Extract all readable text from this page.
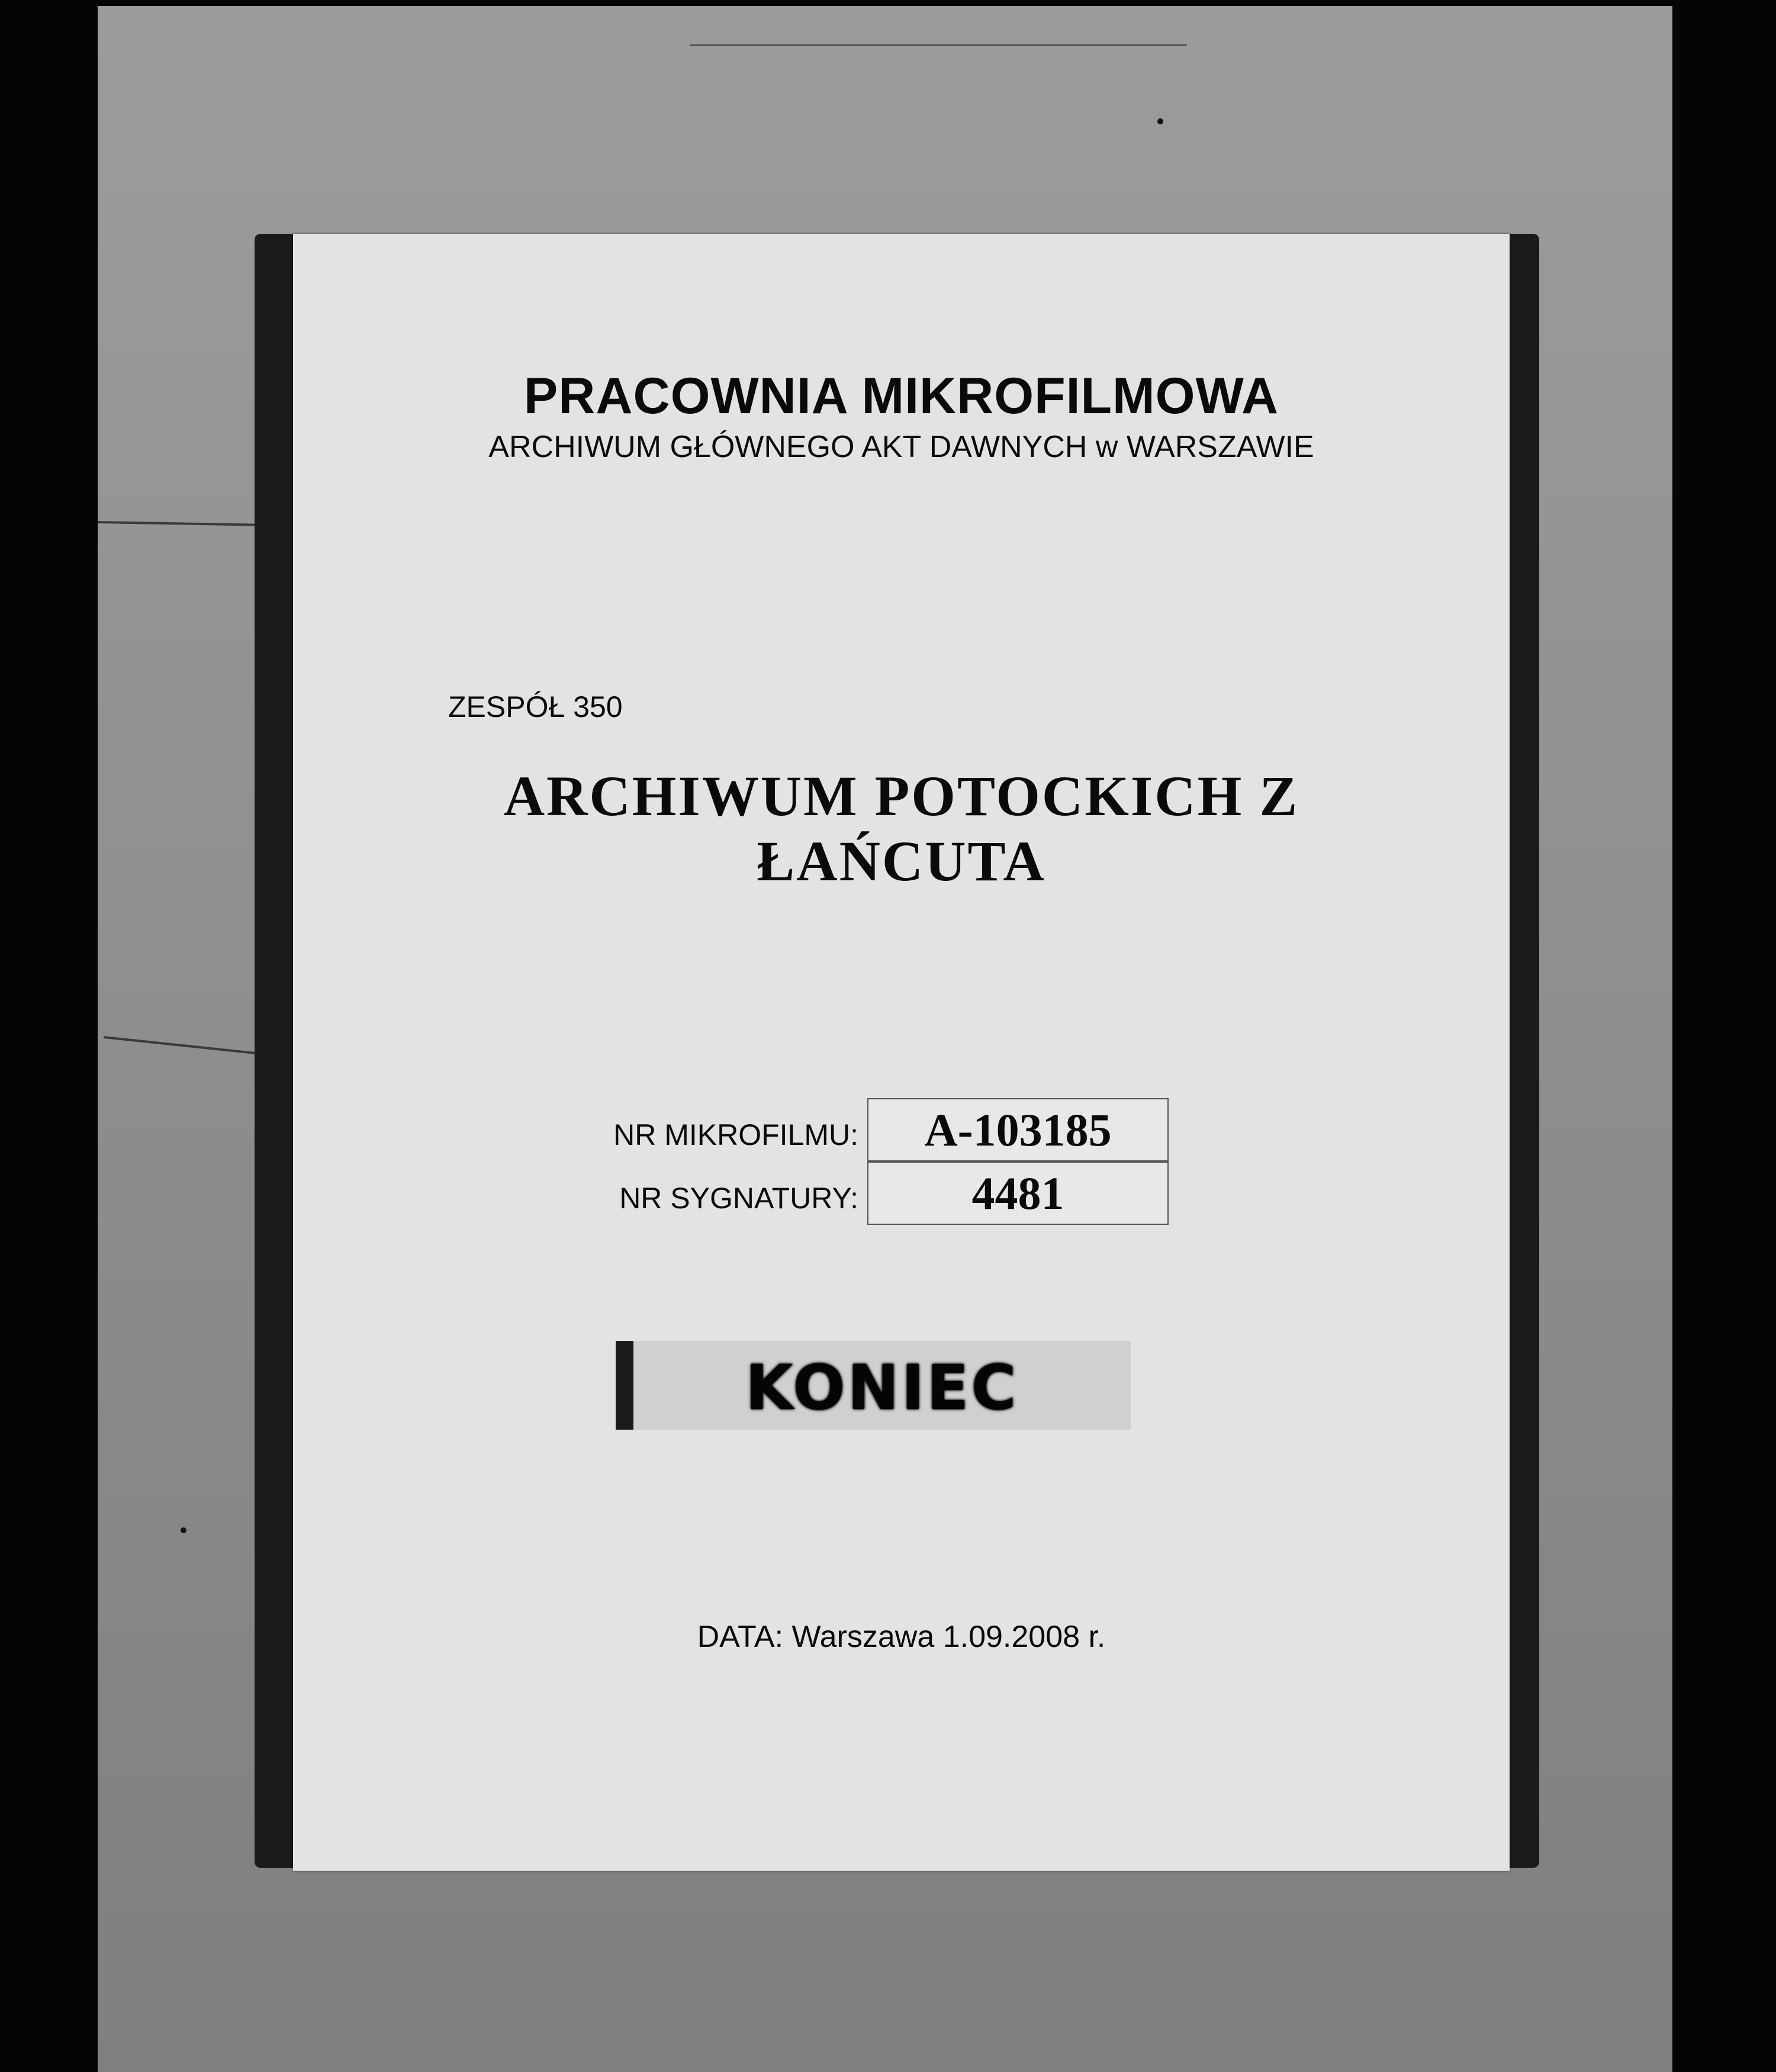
PRACOWNIA MIKROFILMOWA
ARCHIWUM GŁÓWNEGO AKT DAWNYCH w WARSZAWIE
ZESPÓŁ 350
ARCHIWUM POTOCKICH Z
ŁAŃCUTA
NR MIKROFILMU:	A-103185
NR SYGNATURY:	4481
KONIEC
DATA: Warszawa 1.09.2008 r.
